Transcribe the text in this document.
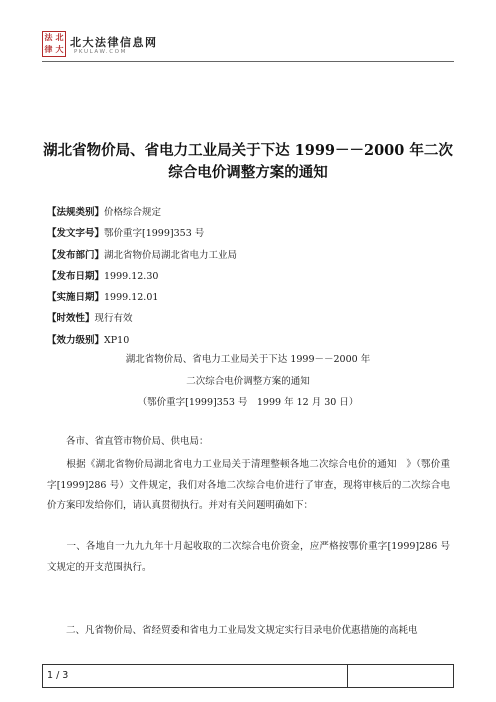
法 北
律 大 北大法律信息网
PKULAW.COM
湖北省物价局、省电力工业局关于下达 1999－－2000 年二次
综合电价调整方案的通知
【法规类别】价格综合规定
【发文字号】鄂价重字[1999]353 号
【发布部门】湖北省物价局湖北省电力工业局
【发布日期】1999.12.30
【实施日期】1999.12.01
【时效性】现行有效
【效力级别】XP10
湖北省物价局、省电力工业局关于下达 1999－－2000 年
二次综合电价调整方案的通知
（鄂价重字[1999]353 号　1999 年 12 月 30 日）
　　各市、省直管市物价局、供电局：
　　根据《湖北省物价局湖北省电力工业局关于清理整顿各地二次综合电价的通知　》（鄂价重字[1999]286 号）文件规定，我们对各地二次综合电价进行了审查，现将审核后的二次综合电价方案印发给你们，请认真贯彻执行。并对有关问题明确如下：
　　一、各地自一九九九年十月起收取的二次综合电价资金，应严格按鄂价重字[1999]286 号文规定的开支范围执行。
　　二、凡省物价局、省经贸委和省电力工业局发文规定实行目录电价优惠措施的高耗电
1 / 3
